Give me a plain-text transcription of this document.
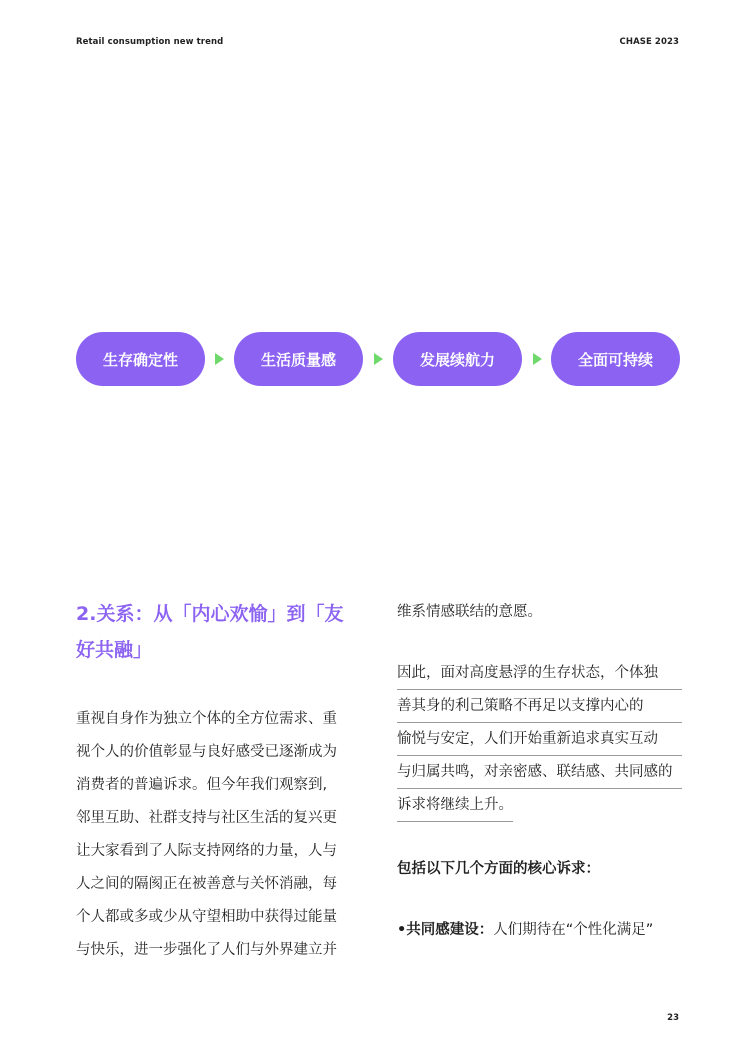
Retail consumption new trend	CHASE 2023
生存确定性	生活质量感	发展续航力	全面可持续
2.关系：从「内心欢愉」到「友
好共融」
重视自身作为独立个体的全方位需求、重
视个人的价值彰显与良好感受已逐渐成为
消费者的普遍诉求。但今年我们观察到,
邻里互助、社群支持与社区生活的复兴更
让大家看到了人际支持网络的力量，人与
人之间的隔阂正在被善意与关怀消融，每
个人都或多或少从守望相助中获得过能量
与快乐，进一步强化了人们与外界建立并

维系情感联结的意愿。

因此，面对高度悬浮的生存状态，个体独
善其身的利己策略不再足以支撑内心的
愉悦与安定，人们开始重新追求真实互动
与归属共鸣，对亲密感、联结感、共同感的
诉求将继续上升。
包括以下几个方面的核心诉求：
•共同感建设：人们期待在“个性化满足”
23
